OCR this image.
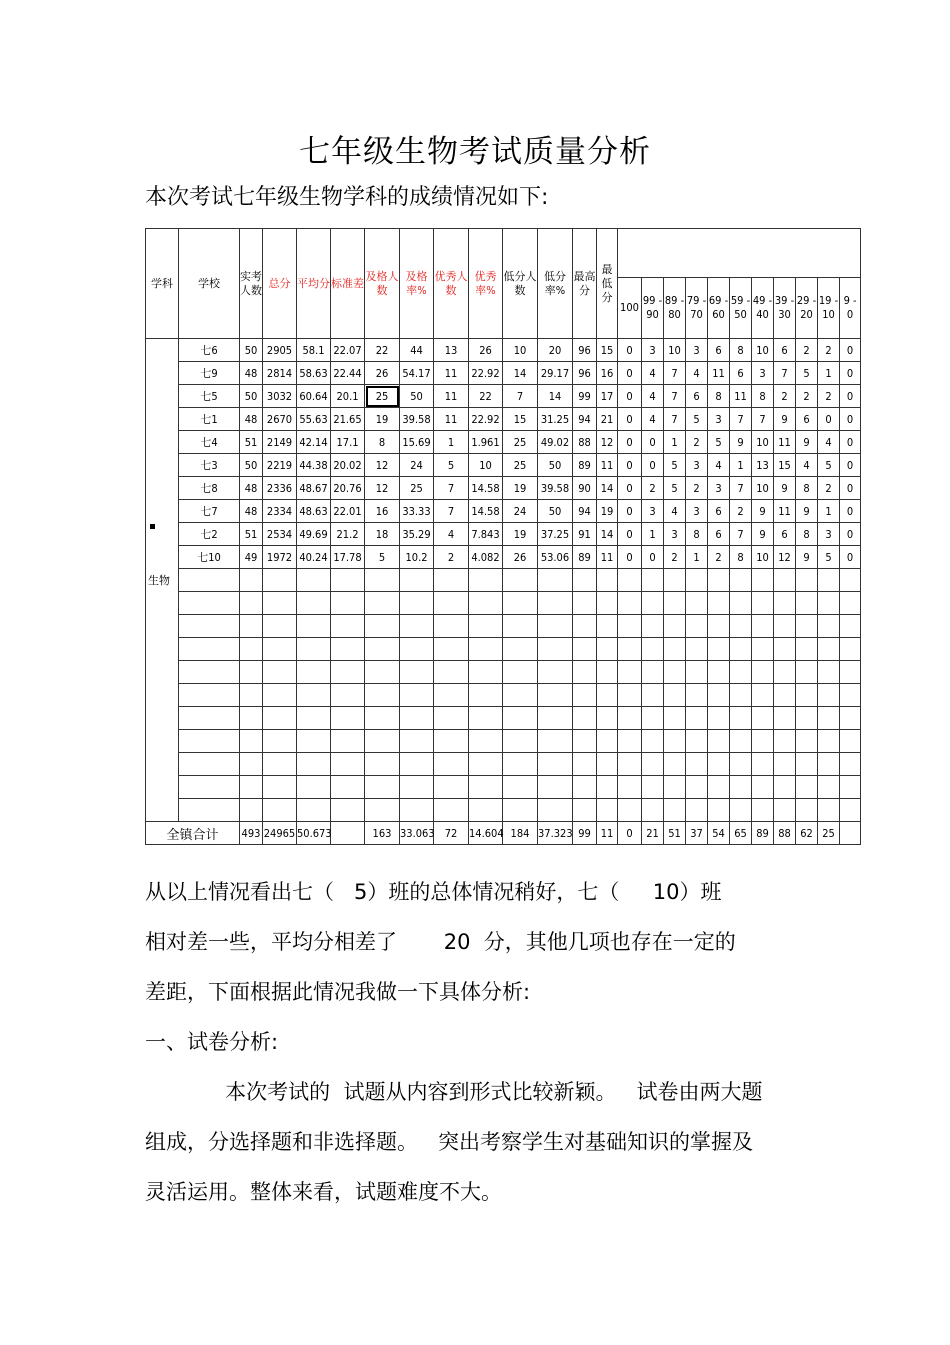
七年级生物考试质量分析
本次考试七年级生物学科的成绩情况如下:
学科	学校	实考人数	总分	平均分	标准差	及格人数	及格率%	优秀人数	优秀率%	低分人数	低分率%	最高分	最低分											
														100	99 - 90	89 - 80	79 - 70	69 - 60	59 - 50	49 - 40	39 - 30	29 - 20	19 - 10	9 - 0
生物	七6	50	2905	58.1	22.07	22	44	13	26	10	20	96	15	0	3	10	3	6	8	10	6	2	2	0
	七9	48	2814	58.63	22.44	26	54.17	11	22.92	14	29.17	96	16	0	4	7	4	11	6	3	7	5	1	0
	七5	50	3032	60.64	20.1	25	50	11	22	7	14	99	17	0	4	7	6	8	11	8	2	2	2	0
	七1	48	2670	55.63	21.65	19	39.58	11	22.92	15	31.25	94	21	0	4	7	5	3	7	7	9	6	0	0
	七4	51	2149	42.14	17.1	8	15.69	1	1.961	25	49.02	88	12	0	0	1	2	5	9	10	11	9	4	0
	七3	50	2219	44.38	20.02	12	24	5	10	25	50	89	11	0	0	5	3	4	1	13	15	4	5	0
	七8	48	2336	48.67	20.76	12	25	7	14.58	19	39.58	90	14	0	2	5	2	3	7	10	9	8	2	0
	七7	48	2334	48.63	22.01	16	33.33	7	14.58	24	50	94	19	0	3	4	3	6	2	9	11	9	1	0
	七2	51	2534	49.69	21.2	18	35.29	4	7.843	19	37.25	91	14	0	1	3	8	6	7	9	6	8	3	0
	七10	49	1972	40.24	17.78	5	10.2	2	4.082	26	53.06	89	11	0	0	2	1	2	8	10	12	9	5	0

全镇合计		493	24965	50.673		163	33.063	72	14.604	184	37.323	99	11	0	21	51	37	54	65	89	88	62	25	
从以上情况看出七（   5）班的总体情况稍好，七（     10）班
相对差一些，平均分相差了       20  分，其他几项也存在一定的
差距，下面根据此情况我做一下具体分析:
一、试卷分析:
本次考试的  试题从内容到形式比较新颖。   试卷由两大题
组成，分选择题和非选择题。   突出考察学生对基础知识的掌握及
灵活运用。整体来看，试题难度不大。
